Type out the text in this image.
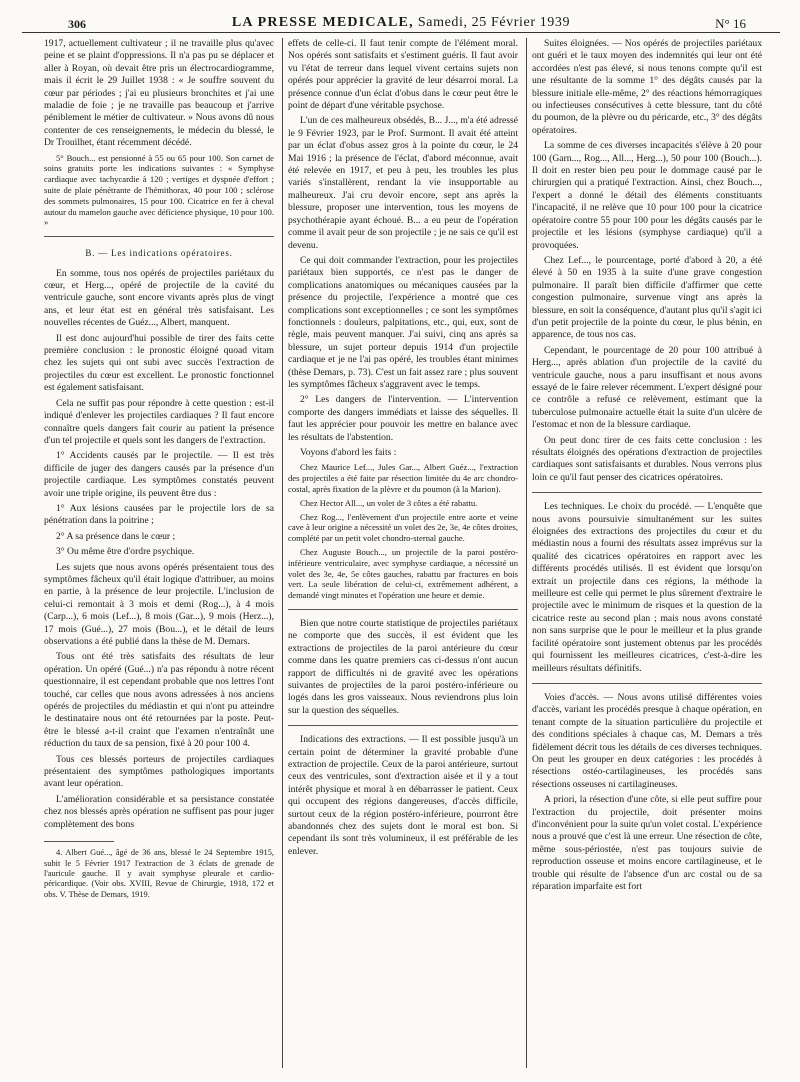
306	LA PRESSE MEDICALE, Samedi, 25 Février 1939	N° 16

1917, actuellement cultivateur ; il ne travaille plus qu'avec peine et se plaint d'oppressions. Il n'a pas pu se déplacer et aller à Royan, où devait être pris un électrocardiogramme, mais il écrit le 29 Juillet 1938 : « Je souffre souvent du cœur par périodes ; j'ai eu plusieurs bronchites et j'ai une maladie de foie ; je ne travaille pas beaucoup et j'arrive péniblement le métier de cultivateur. » Nous avons dû nous contenter de ces renseignements, le médecin du blessé, le Dr Trouilhet, étant récemment décédé.

5° Bouch... est pensionné à 55 ou 65 pour 100. Son carnet de soins gratuits porte les indications suivantes : « Symphyse cardiaque avec tachycardie à 120 ; vertiges et dyspnée d'effort ; suite de plaie pénétrante de l'hémithorax, 40 pour 100 ; sclérose des sommets pulmonaires, 15 pour 100. Cicatrice en fer à cheval autour du mamelon gauche avec déficience physique, 10 pour 100. »

B. — Les indications opératoires.

En somme, tous nos opérés de projectiles pariétaux du cœur, et Herg..., opéré de projectile de la cavité du ventricule gauche, sont encore vivants après plus de vingt ans, et leur état est en général très satisfaisant. Les nouvelles récentes de Guéz..., Albert, manquent.

Il est donc aujourd'hui possible de tirer des faits cette première conclusion : le pronostic éloigné quoad vitam chez les sujets qui ont subi avec succès l'extraction de projectiles du cœur est excellent. Le pronostic fonctionnel est également satisfaisant.

Cela ne suffit pas pour répondre à cette question : est-il indiqué d'enlever les projectiles cardiaques ? Il faut encore connaître quels dangers fait courir au patient la présence d'un tel projectile et quels sont les dangers de l'extraction.

1° Accidents causés par le projectile. — Il est très difficile de juger des dangers causés par la présence d'un projectile cardiaque. Les symptômes constatés peuvent avoir une triple origine, ils peuvent être dus :

1° Aux lésions causées par le projectile lors de sa pénétration dans la poitrine ;

2° A sa présence dans le cœur ;

3° Ou même être d'ordre psychique.

Les sujets que nous avons opérés présentaient tous des symptômes fâcheux qu'il était logique d'attribuer, au moins en partie, à la présence de leur projectile. L'inclusion de celui-ci remontait à 3 mois et demi (Rog...), à 4 mois (Carp...), 6 mois (Lef...), 8 mois (Gar...), 9 mois (Herz...), 17 mois (Gué...), 27 mois (Bou...), et le détail de leurs observations a été publié dans la thèse de M. Demars.

Tous ont été très satisfaits des résultats de leur opération. Un opéré (Gué...) n'a pas répondu à notre récent questionnaire, il est cependant probable que nos lettres l'ont touché, car celles que nous avons adressées à nos anciens opérés de projectiles du médiastin et qui n'ont pu atteindre le destinataire nous ont été retournées par la poste. Peut-être le blessé a-t-il craint que l'examen n'entraînât une réduction du taux de sa pension, fixé à 20 pour 100 4.

Tous ces blessés porteurs de projectiles cardiaques présentaient des symptômes pathologiques importants avant leur opération.

L'amélioration considérable et sa persistance constatée chez nos blessés après opération ne suffisent pas pour juger complètement des bons

4. Albert Gué..., âgé de 36 ans, blessé le 24 Septembre 1915, subit le 5 Février 1917 l'extraction de 3 éclats de grenade de l'auricule gauche. Il y avait symphyse pleurale et cardio-péricardique. (Voir obs. XVIII, Revue de Chirurgie, 1918, 172 et obs. V. Thèse de Demars, 1919.

effets de celle-ci. Il faut tenir compte de l'élément moral. Nos opérés sont satisfaits et s'estiment guéris. Il faut avoir vu l'état de terreur dans lequel vivent certains sujets non opérés pour apprécier la gravité de leur désarroi moral. La présence connue d'un éclat d'obus dans le cœur peut être le point de départ d'une véritable psychose.

L'un de ces malheureux obsédés, B... J..., m'a été adressé le 9 Février 1923, par le Prof. Surmont. Il avait été atteint par un éclat d'obus assez gros à la pointe du cœur, le 24 Mai 1916 ; la présence de l'éclat, d'abord méconnue, avait été relevée en 1917, et peu à peu, les troubles les plus variés s'installèrent, rendant la vie insupportable au malheureux. J'ai cru devoir encore, sept ans après la blessure, proposer une intervention, tous les moyens de psychothérapie ayant échoué. B... a eu peur de l'opération comme il avait peur de son projectile ; je ne sais ce qu'il est devenu.

Ce qui doit commander l'extraction, pour les projectiles pariétaux bien supportés, ce n'est pas le danger de complications anatomiques ou mécaniques causées par la présence du projectile, l'expérience a montré que ces complications sont exceptionnelles ; ce sont les symptômes fonctionnels : douleurs, palpitations, etc., qui, eux, sont de règle, mais peuvent manquer. J'ai suivi, cinq ans après sa blessure, un sujet porteur depuis 1914 d'un projectile cardiaque et je ne l'ai pas opéré, les troubles étant minimes (thèse Demars, p. 73). C'est un fait assez rare ; plus souvent les symptômes fâcheux s'aggravent avec le temps.

2° Les dangers de l'intervention. — L'intervention comporte des dangers immédiats et laisse des séquelles. Il faut les apprécier pour pouvoir les mettre en balance avec les résultats de l'abstention.

Voyons d'abord les faits :

Chez Maurice Lef..., Jules Gar..., Albert Guéz..., l'extraction des projectiles a été faite par résection limitée du 4e arc chondro-costal, après fixation de la plèvre et du poumon (à la Marion).

Chez Hector All..., un volet de 3 côtes a été rabattu.

Chez Rog..., l'enlèvement d'un projectile entre aorte et veine cave à leur origine a nécessité un volet des 2e, 3e, 4e côtes droites, complété par un petit volet chondro-sternal gauche.

Chez Auguste Bouch..., un projectile de la paroi postéro-inférieure ventriculaire, avec symphyse cardiaque, a nécessité un volet des 3e, 4e, 5e côtes gauches, rabattu par fractures en bois vert. La seule libération de celui-ci, extrêmement adhérent, a demandé vingt minutes et l'opération une heure et demie.

Bien que notre courte statistique de projectiles pariétaux ne comporte que des succès, il est évident que les extractions de projectiles de la paroi antérieure du cœur comme dans les quatre premiers cas ci-dessus n'ont aucun rapport de difficultés ni de gravité avec les opérations suivantes de projectiles de la paroi postéro-inférieure ou logés dans les gros vaisseaux. Nous reviendrons plus loin sur la question des séquelles.

Indications des extractions. — Il est possible jusqu'à un certain point de déterminer la gravité probable d'une extraction de projectile. Ceux de la paroi antérieure, surtout ceux des ventricules, sont d'extraction aisée et il y a tout intérêt physique et moral à en débarrasser le patient. Ceux qui occupent des régions dangereuses, d'accès difficile, surtout ceux de la région postéro-inférieure, pourront être abandonnés chez des sujets dont le moral est bon. Si cependant ils sont très volumineux, il est préférable de les enlever.

Suites éloignées. — Nos opérés de projectiles pariétaux ont guéri et le taux moyen des indemnités qui leur ont été accordées n'est pas élevé, si nous tenons compte qu'il est une résultante de la somme 1° des dégâts causés par la blessure initiale elle-même, 2° des réactions hémorragiques ou infectieuses consécutives à cette blessure, tant du côté du poumon, de la plèvre ou du péricarde, etc., 3° des dégâts opératoires.

La somme de ces diverses incapacités s'élève à 20 pour 100 (Garn..., Rog..., All..., Herg...), 50 pour 100 (Bouch...). Il doit en rester bien peu pour le dommage causé par le chirurgien qui a pratiqué l'extraction. Ainsi, chez Bouch..., l'expert a donné le détail des éléments constituants l'incapacité, il ne relève que 10 pour 100 pour la cicatrice opératoire contre 55 pour 100 pour les dégâts causés par le projectile et les lésions (symphyse cardiaque) qu'il a provoquées.

Chez Lef..., le pourcentage, porté d'abord à 20, a été élevé à 50 en 1935 à la suite d'une grave congestion pulmonaire. Il paraît bien difficile d'affirmer que cette congestion pulmonaire, survenue vingt ans après la blessure, en soit la conséquence, d'autant plus qu'il s'agit ici d'un petit projectile de la pointe du cœur, le plus bénin, en apparence, de tous nos cas.

Cependant, le pourcentage de 20 pour 100 attribué à Herg..., après ablation d'un projectile de la cavité du ventricule gauche, nous a paru insuffisant et nous avons essayé de le faire relever récemment. L'expert désigné pour ce contrôle a refusé ce relèvement, estimant que la tuberculose pulmonaire actuelle était la suite d'un ulcère de l'estomac et non de la blessure cardiaque.

On peut donc tirer de ces faits cette conclusion : les résultats éloignés des opérations d'extraction de projectiles cardiaques sont satisfaisants et durables. Nous verrons plus loin ce qu'il faut penser des cicatrices opératoires.

Les techniques. Le choix du procédé. — L'enquête que nous avons poursuivie simultanément sur les suites éloignées des extractions des projectiles du cœur et du médiastin nous a fourni des résultats assez imprévus sur la qualité des cicatrices opératoires en rapport avec les différents procédés utilisés. Il est évident que lorsqu'on extrait un projectile dans ces régions, la méthode la meilleure est celle qui permet le plus sûrement d'extraire le projectile avec le minimum de risques et la question de la cicatrice reste au second plan ; mais nous avons constaté non sans surprise que le pour le meilleur et la plus grande facilité opératoire sont justement obtenus par les procédés qui fournissent les meilleures cicatrices, c'est-à-dire les meilleurs résultats définitifs.

Voies d'accès. — Nous avons utilisé différentes voies d'accès, variant les procédés presque à chaque opération, en tenant compte de la situation particulière du projectile et des conditions spéciales à chaque cas, M. Demars a très fidèlement décrit tous les détails de ces diverses techniques. On peut les grouper en deux catégories : les procédés à résections ostéo-cartilagineuses, les procédés sans résections osseuses ni cartilagineuses.

A priori, la résection d'une côte, si elle peut suffire pour l'extraction du projectile, doit présenter moins d'inconvénient pour la suite qu'un volet costal. L'expérience nous a prouvé que c'est là une erreur. Une résection de côte, même sous-périostée, n'est pas toujours suivie de reproduction osseuse et moins encore cartilagineuse, et le trouble qui résulte de l'absence d'un arc costal ou de sa réparation imparfaite est fort
